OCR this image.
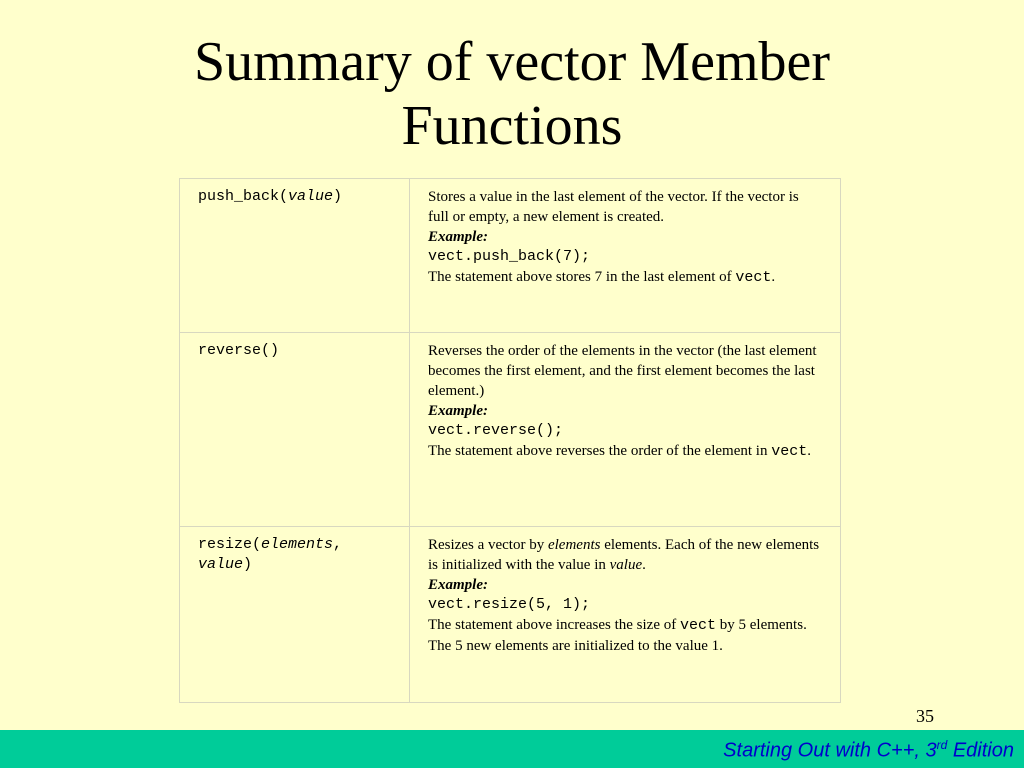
Summary of vector Member
Functions
push_back(value)	Stores a value in the last element of the vector. If the vector is full or empty, a new element is created.
Example:
vect.push_back(7);
The statement above stores 7 in the last element of vect.

reverse()	Reverses the order of the elements in the vector (the last element becomes the first element, and the first element becomes the last element.)
Example:
vect.reverse();
The statement above reverses the order of the element in vect.

resize(elements,
value)	Resizes a vector by elements elements. Each of the new elements is initialized with the value in value.
Example:
vect.resize(5, 1);
The statement above increases the size of vect by 5 elements. The 5 new elements are initialized to the value 1.
35
Starting Out with C++, 3rd Edition
